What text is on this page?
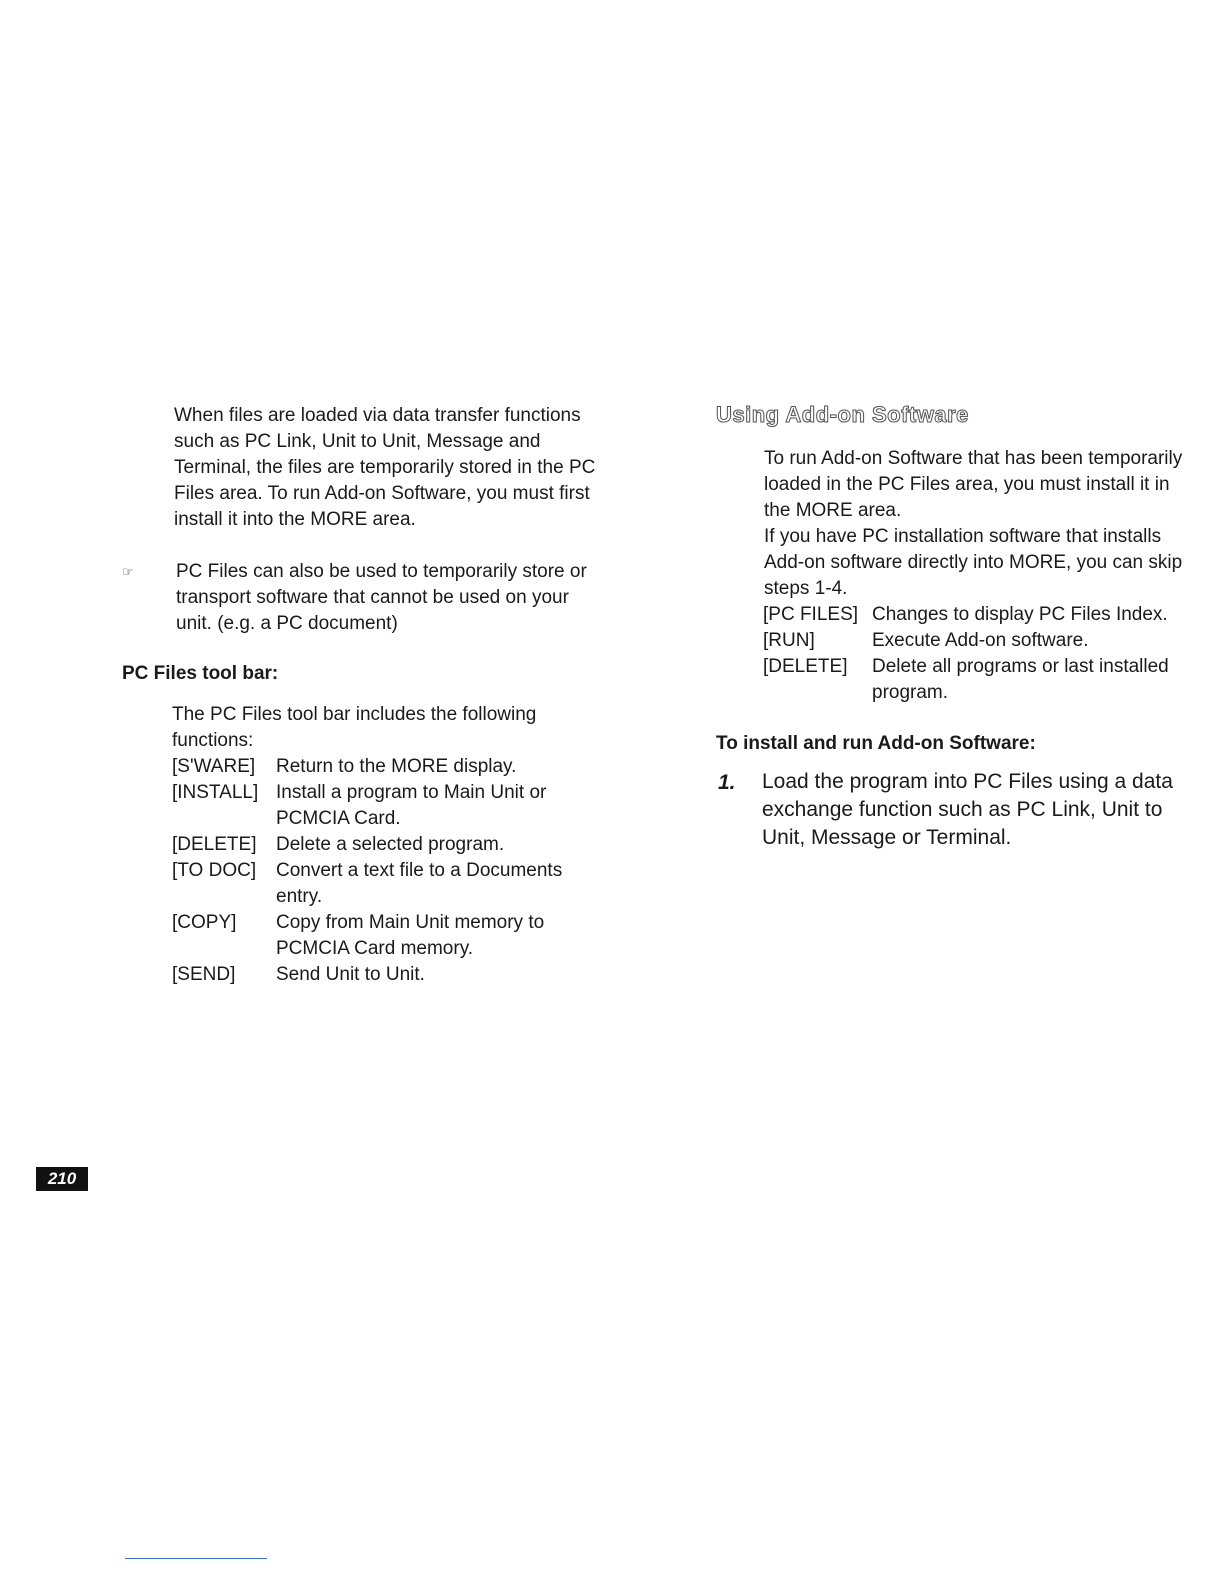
When files are loaded via data transfer functions

such as PC Link, Unit to Unit, Message and

Terminal, the files are temporarily stored in the PC

Files area. To run Add-on Software, you must first

install it into the MORE area.

☞ PC Files can also be used to temporarily store or

transport software that cannot be used on your

unit. (e.g. a PC document)

PC Files tool bar:

The PC Files tool bar includes the following

functions:

[S'WARE]	Return to the MORE display.
[INSTALL] Install a program to Main Unit or
PCMCIA Card.
[DELETE]	Delete a selected program.
[TO DOC]	Convert a text file to a Documents
entry.
[COPY]	Copy from Main Unit memory to
PCMCIA Card memory.
[SEND]	Send Unit to Unit.
Using Add-on Software

To run Add-on Software that has been temporarily

loaded in the PC Files area, you must install it in

the MORE area.

If you have PC installation software that installs

Add-on software directly into MORE, you can skip

steps 1-4.

[PC FILES] Changes to display PC Files Index.
[RUN]	Execute Add-on software.
[DELETE]	Delete all programs or last installed
program.
To install and run Add-on Software:
1. Load the program into PC Files using a data
exchange function such as PC Link, Unit to
Unit, Message or Terminal.
210
